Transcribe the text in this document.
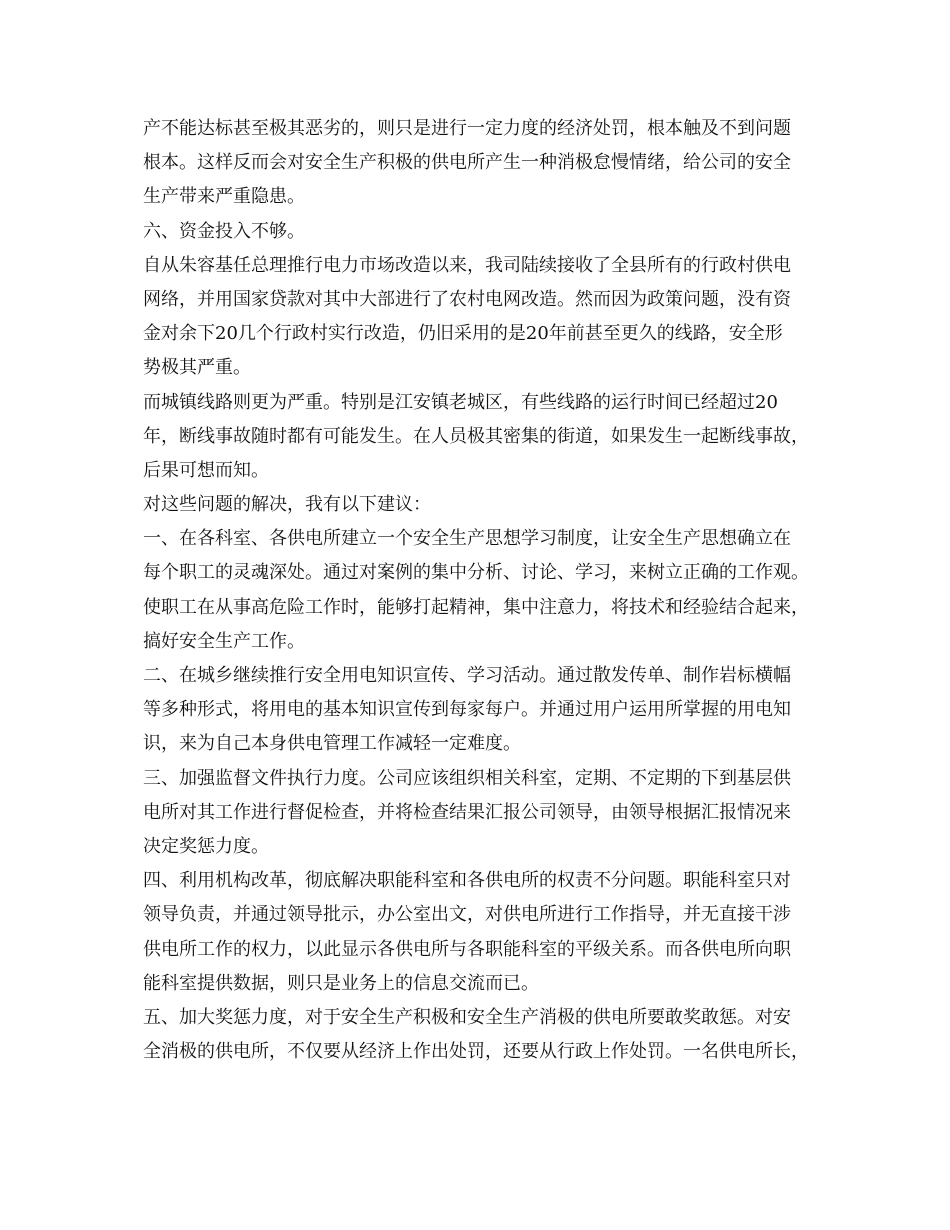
产不能达标甚至极其恶劣的，则只是进行一定力度的经济处罚，根本触及不到问题
根本。这样反而会对安全生产积极的供电所产生一种消极怠慢情绪，给公司的安全
生产带来严重隐患。
六、资金投入不够。
自从朱容基任总理推行电力市场改造以来，我司陆续接收了全县所有的行政村供电
网络，并用国家贷款对其中大部进行了农村电网改造。然而因为政策问题，没有资
金对余下20几个行政村实行改造，仍旧采用的是20年前甚至更久的线路，安全形
势极其严重。
而城镇线路则更为严重。特别是江安镇老城区，有些线路的运行时间已经超过20
年，断线事故随时都有可能发生。在人员极其密集的街道，如果发生一起断线事故，
后果可想而知。
对这些问题的解决，我有以下建议：
一、在各科室、各供电所建立一个安全生产思想学习制度，让安全生产思想确立在
每个职工的灵魂深处。通过对案例的集中分析、讨论、学习，来树立正确的工作观。
使职工在从事高危险工作时，能够打起精神，集中注意力，将技术和经验结合起来，
搞好安全生产工作。
二、在城乡继续推行安全用电知识宣传、学习活动。通过散发传单、制作岩标横幅
等多种形式，将用电的基本知识宣传到每家每户。并通过用户运用所掌握的用电知
识，来为自己本身供电管理工作减轻一定难度。
三、加强监督文件执行力度。公司应该组织相关科室，定期、不定期的下到基层供
电所对其工作进行督促检查，并将检查结果汇报公司领导，由领导根据汇报情况来
决定奖惩力度。
四、利用机构改革，彻底解决职能科室和各供电所的权责不分问题。职能科室只对
领导负责，并通过领导批示，办公室出文，对供电所进行工作指导，并无直接干涉
供电所工作的权力，以此显示各供电所与各职能科室的平级关系。而各供电所向职
能科室提供数据，则只是业务上的信息交流而已。
五、加大奖惩力度，对于安全生产积极和安全生产消极的供电所要敢奖敢惩。对安
全消极的供电所，不仅要从经济上作出处罚，还要从行政上作处罚。一名供电所长，
